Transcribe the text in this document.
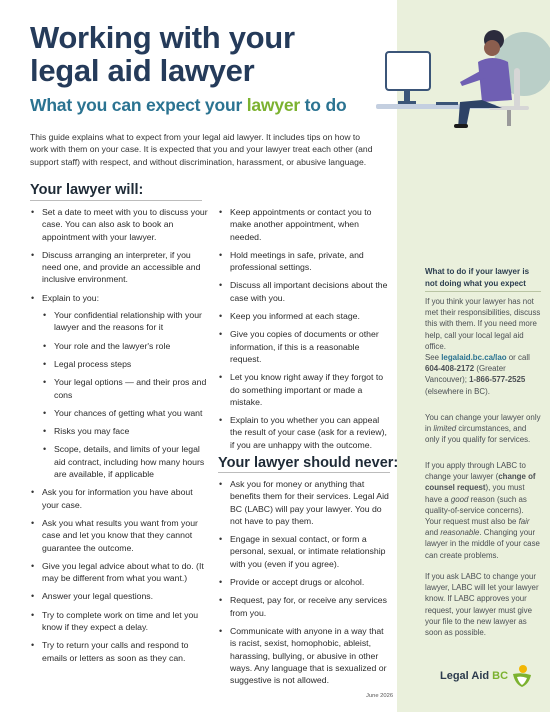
Working with your legal aid lawyer
What you can expect your lawyer to do
This guide explains what to expect from your legal aid lawyer. It includes tips on how to work with them on your case. It is expected that you and your lawyer treat each other (and support staff) with respect, and without discrimination, harassment, or abusive language.
Your lawyer will:
• Set a date to meet with you to discuss your case. You can also ask to book an appointment with your lawyer.
• Discuss arranging an interpreter, if you need one, and provide an accessible and inclusive environment.
• Explain to you:
• Your confidential relationship with your lawyer and the reasons for it
• Your role and the lawyer's role
• Legal process steps
• Your legal options — and their pros and cons
• Your chances of getting what you want
• Risks you may face
• Scope, details, and limits of your legal aid contract, including how many hours are available, if applicable
• Ask you for information you have about your case.
• Ask you what results you want from your case and let you know that they cannot guarantee the outcome.
• Give you legal advice about what to do. (It may be different from what you want.)
• Answer your legal questions.
• Try to complete work on time and let you know if they expect a delay.
• Try to return your calls and respond to emails or letters as soon as they can.
• Keep appointments or contact you to make another appointment, when needed.
• Hold meetings in safe, private, and professional settings.
• Discuss all important decisions about the case with you.
• Keep you informed at each stage.
• Give you copies of documents or other information, if this is a reasonable request.
• Let you know right away if they forgot to do something important or made a mistake.
• Explain to you whether you can appeal the result of your case (ask for a review), if you are unhappy with the outcome.
Your lawyer should never:
• Ask you for money or anything that benefits them for their services. Legal Aid BC (LABC) will pay your lawyer. You do not have to pay them.
• Engage in sexual contact, or form a personal, sexual, or intimate relationship with you (even if you agree).
• Provide or accept drugs or alcohol.
• Request, pay for, or receive any services from you.
• Communicate with anyone in a way that is racist, sexist, homophobic, ableist, harassing, bullying, or abusive in other ways. Any language that is sexualized or suggestive is not allowed.
What to do if your lawyer is not doing what you expect
If you think your lawyer has not met their responsibilities, discuss this with them. If you need more help, call your local legal aid office.
See legalaid.bc.ca/lao or call 604-408-2172 (Greater Vancouver); 1-866-577-2525 (elsewhere in BC).
You can change your lawyer only in limited circumstances, and only if you qualify for services.
If you apply through LABC to change your lawyer (change of counsel request), you must have a good reason (such as quality-of-service concerns). Your request must also be fair and reasonable. Changing your lawyer in the middle of your case can create problems.
If you ask LABC to change your lawyer, LABC will let your lawyer know. If LABC approves your request, your lawyer must give your file to the new lawyer as soon as possible.
June 2026
Legal Aid BC
